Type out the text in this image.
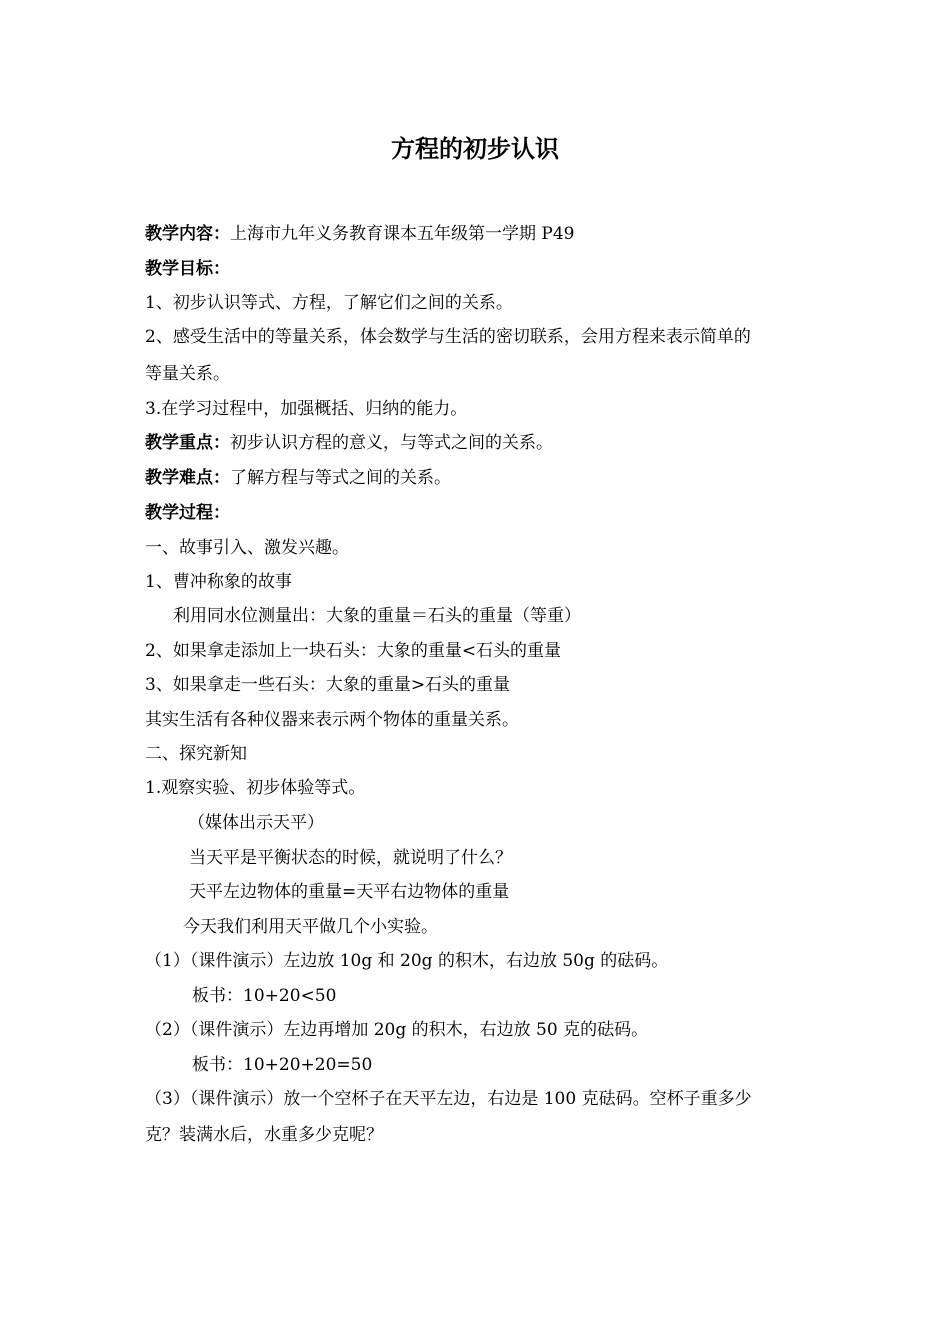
方程的初步认识
教学内容：上海市九年义务教育课本五年级第一学期 P49
教学目标：
1、初步认识等式、方程，了解它们之间的关系。
2、感受生活中的等量关系，体会数学与生活的密切联系，会用方程来表示简单的
等量关系。
3.在学习过程中，加强概括、归纳的能力。
教学重点：初步认识方程的意义，与等式之间的关系。
教学难点：了解方程与等式之间的关系。
教学过程：
一、故事引入、激发兴趣。
1、曹冲称象的故事
利用同水位测量出：大象的重量＝石头的重量（等重）
2、如果拿走添加上一块石头：大象的重量<石头的重量
3、如果拿走一些石头：大象的重量>石头的重量
其实生活有各种仪器来表示两个物体的重量关系。
二、探究新知
1.观察实验、初步体验等式。
（媒体出示天平）
当天平是平衡状态的时候，就说明了什么？
天平左边物体的重量=天平右边物体的重量
今天我们利用天平做几个小实验。
（1）（课件演示）左边放 10g 和 20g 的积木，右边放 50g 的砝码。
板书：10+20<50
（2）（课件演示）左边再增加 20g 的积木，右边放 50 克的砝码。
板书：10+20+20=50
（3）（课件演示）放一个空杯子在天平左边，右边是 100 克砝码。空杯子重多少
克？装满水后，水重多少克呢？
